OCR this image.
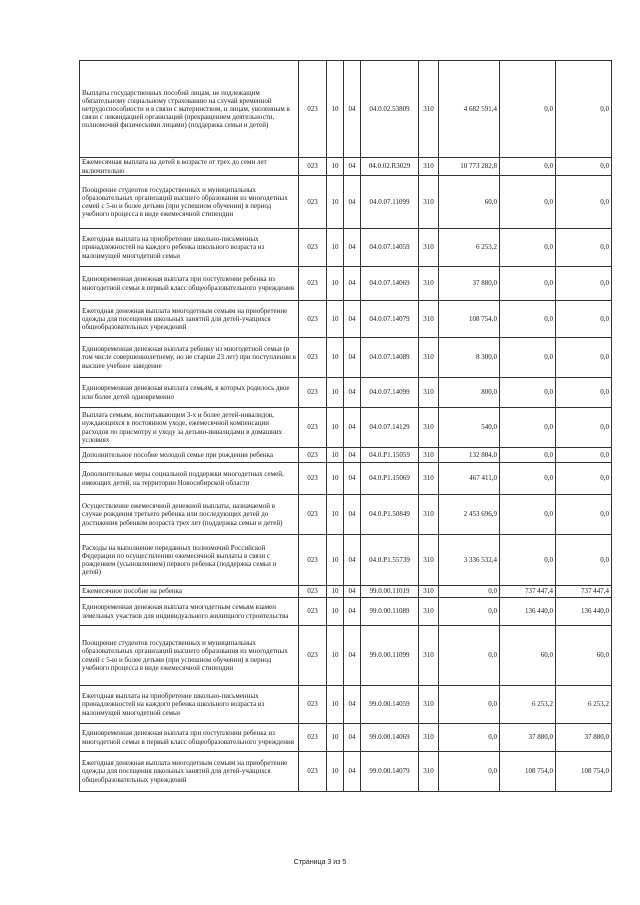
Выплаты государственных пособий лицам, не подлежащим обязательному социальному страхованию на случай временной нетрудоспособности и в связи с материнством, и лицам, уволенным в связи с ликвидацией организаций (прекращением деятельности, полномочий физическими лицами) (поддержка семьи и детей)	023	10	04	04.0.02.53809	310	4 682 591,4	0,0	0,0
Ежемесячная выплата на детей в возрасте от трех до семи лет включительно	023	10	04	04.0.02.R3029	310	10 773 282,8	0,0	0,0
Поощрение студентов государственных и муниципальных образовательных организаций высшего образования из многодетных семей с 5-ю и более детьми (при успешном обучении) в период учебного процесса в виде ежемесячной стипендии	023	10	04	04.0.07.11099	310	60,0	0,0	0,0
Ежегодная выплата на приобретение школьно-письменных принадлежностей на каждого ребенка школьного возраста из малоимущей многодетной семьи	023	10	04	04.0.07.14059	310	6 253,2	0,0	0,0
Единовременная денежная выплата при поступлении ребенка из многодетной семьи в первый класс общеобразовательного учреждения	023	10	04	04.0.07.14069	310	37 880,0	0,0	0,0
Ежегодная денежная выплата многодетным семьям на приобретение одежды для посещения школьных занятий для детей-учащихся общеобразовательных учреждений	023	10	04	04.0.07.14079	310	108 754,0	0,0	0,0
Единовременная денежная выплата ребенку из многодетной семьи (в том числе совершеннолетнему, но не старше 23 лет) при поступлении в высшее учебное заведение	023	10	04	04.0.07.14089	310	8 300,0	0,0	0,0
Единовременная денежная выплата семьям, в которых родилось двое или более детей одновременно	023	10	04	04.0.07.14099	310	800,0	0,0	0,0
Выплата семьям, воспитывающим 3-х и более детей-инвалидов, нуждающихся в постоянном уходе, ежемесячной компенсации расходов по присмотру и уходу за детьми-инвалидами в домашних условиях	023	10	04	04.0.07.14129	310	540,0	0,0	0,0
Дополнительное пособие молодой семье при рождении ребенка	023	10	04	04.0.P1.15059	310	132 804,0	0,0	0,0
Дополнительные меры социальной поддержки многодетных семей, имеющих детей, на территории Новосибирской области	023	10	04	04.0.P1.15069	310	467 411,0	0,0	0,0
Осуществление ежемесячной денежной выплаты, назначаемой в случае рождения третьего ребенка или последующих детей до достижения ребенком возраста трех лет (поддержка семьи и детей)	023	10	04	04.0.P1.50849	310	2 453 696,9	0,0	0,0
Расходы на выполнение переданных полномочий Российской Федерации по осуществлению ежемесячной выплаты в связи с рождением (усыновлением) первого ребенка (поддержка семьи и детей)	023	10	04	04.0.P1.55739	310	3 336 532,4	0,0	0,0
Ежемесячное пособие на ребенка	023	10	04	99.0.00.11019	310	0,0	737 447,4	737 447,4
Единовременная денежная выплата многодетным семьям взамен земельных участков для индивидуального жилищного строительства	023	10	04	99.0.00.11089	310	0,0	136 440,0	136 440,0
Поощрение студентов государственных и муниципальных образовательных организаций высшего образования из многодетных семей с 5-ю и более детьми (при успешном обучении) в период учебного процесса в виде ежемесячной стипендии	023	10	04	99.0.00.11099	310	0,0	60,0	60,0
Ежегодная выплата на приобретение школьно-письменных принадлежностей на каждого ребенка школьного возраста из малоимущей многодетной семьи	023	10	04	99.0.00.14059	310	0,0	6 253,2	6 253,2
Единовременная денежная выплата при поступлении ребенка из многодетной семьи в первый класс общеобразовательного учреждения	023	10	04	99.0.00.14069	310	0,0	37 880,0	37 880,0
Ежегодная денежная выплата многодетным семьям на приобретение одежды для посещения школьных занятий для детей-учащихся общеобразовательных учреждений	023	10	04	99.0.00.14079	310	0,0	108 754,0	108 754,0
Страница 3 из 5
